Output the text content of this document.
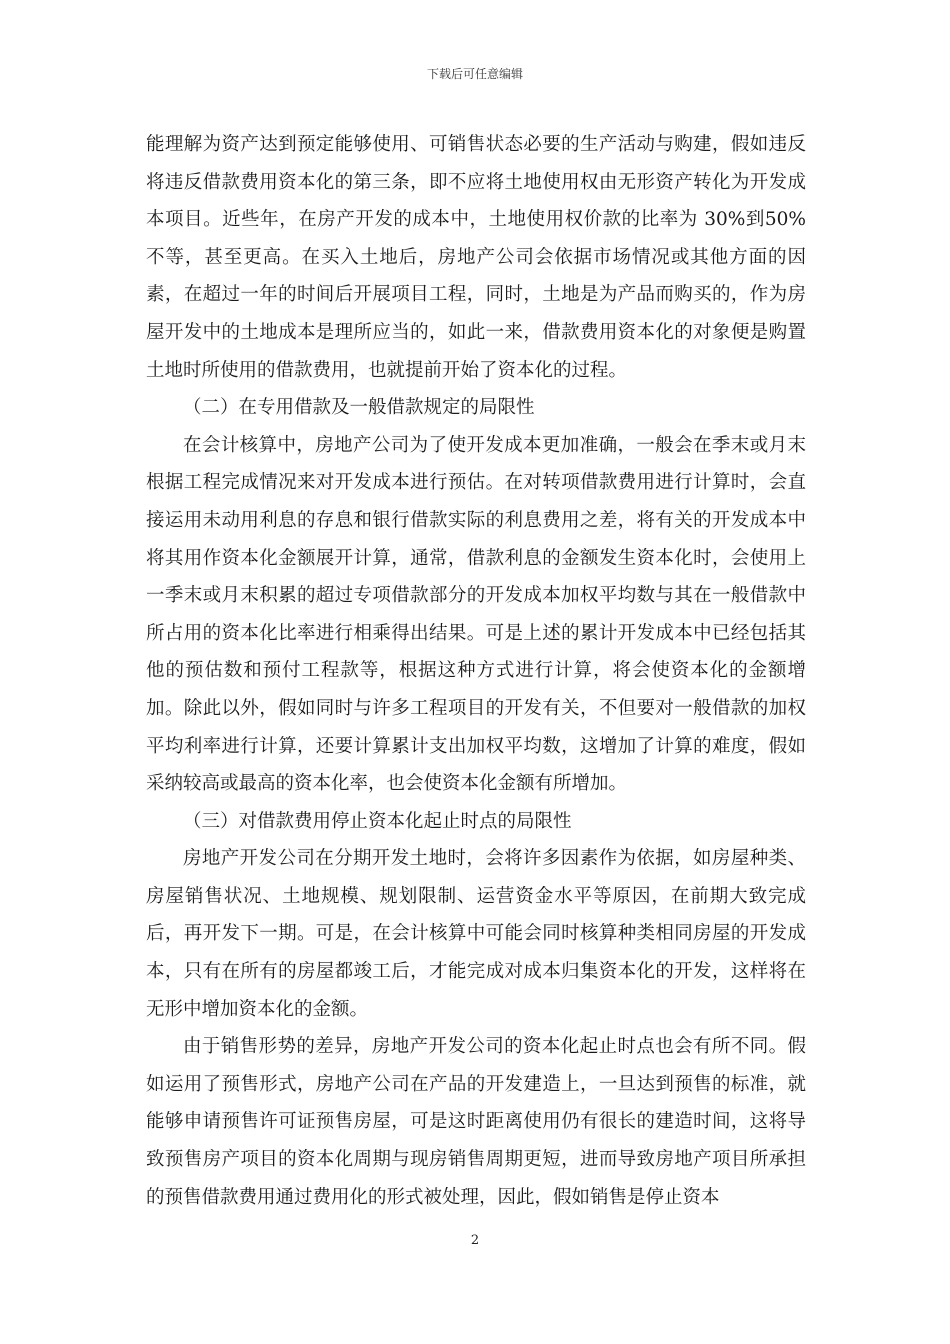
下载后可任意编辑

能理解为资产达到预定能够使用、可销售状态必要的生产活动与购建，假如违反将违反借款费用资本化的第三条，即不应将土地使用权由无形资产转化为开发成本项目。近些年，在房产开发的成本中，土地使用权价款的比率为 30%到50%不等，甚至更高。在买入土地后，房地产公司会依据市场情况或其他方面的因素，在超过一年的时间后开展项目工程，同时，土地是为产品而购买的，作为房屋开发中的土地成本是理所应当的，如此一来，借款费用资本化的对象便是购置土地时所使用的借款费用，也就提前开始了资本化的过程。

（二）在专用借款及一般借款规定的局限性

在会计核算中，房地产公司为了使开发成本更加准确，一般会在季末或月末根据工程完成情况来对开发成本进行预估。在对转项借款费用进行计算时，会直接运用未动用利息的存息和银行借款实际的利息费用之差，将有关的开发成本中将其用作资本化金额展开计算，通常，借款利息的金额发生资本化时，会使用上一季末或月末积累的超过专项借款部分的开发成本加权平均数与其在一般借款中所占用的资本化比率进行相乘得出结果。可是上述的累计开发成本中已经包括其他的预估数和预付工程款等，根据这种方式进行计算，将会使资本化的金额增加。除此以外，假如同时与许多工程项目的开发有关，不但要对一般借款的加权平均利率进行计算，还要计算累计支出加权平均数，这增加了计算的难度，假如采纳较高或最高的资本化率，也会使资本化金额有所增加。

（三）对借款费用停止资本化起止时点的局限性

房地产开发公司在分期开发土地时，会将许多因素作为依据，如房屋种类、房屋销售状况、土地规模、规划限制、运营资金水平等原因，在前期大致完成后，再开发下一期。可是，在会计核算中可能会同时核算种类相同房屋的开发成本，只有在所有的房屋都竣工后，才能完成对成本归集资本化的开发，这样将在无形中增加资本化的金额。

由于销售形势的差异，房地产开发公司的资本化起止时点也会有所不同。假如运用了预售形式，房地产公司在产品的开发建造上，一旦达到预售的标准，就能够申请预售许可证预售房屋，可是这时距离使用仍有很长的建造时间，这将导致预售房产项目的资本化周期与现房销售周期更短，进而导致房地产项目所承担的预售借款费用通过费用化的形式被处理，因此，假如销售是停止资本

2
